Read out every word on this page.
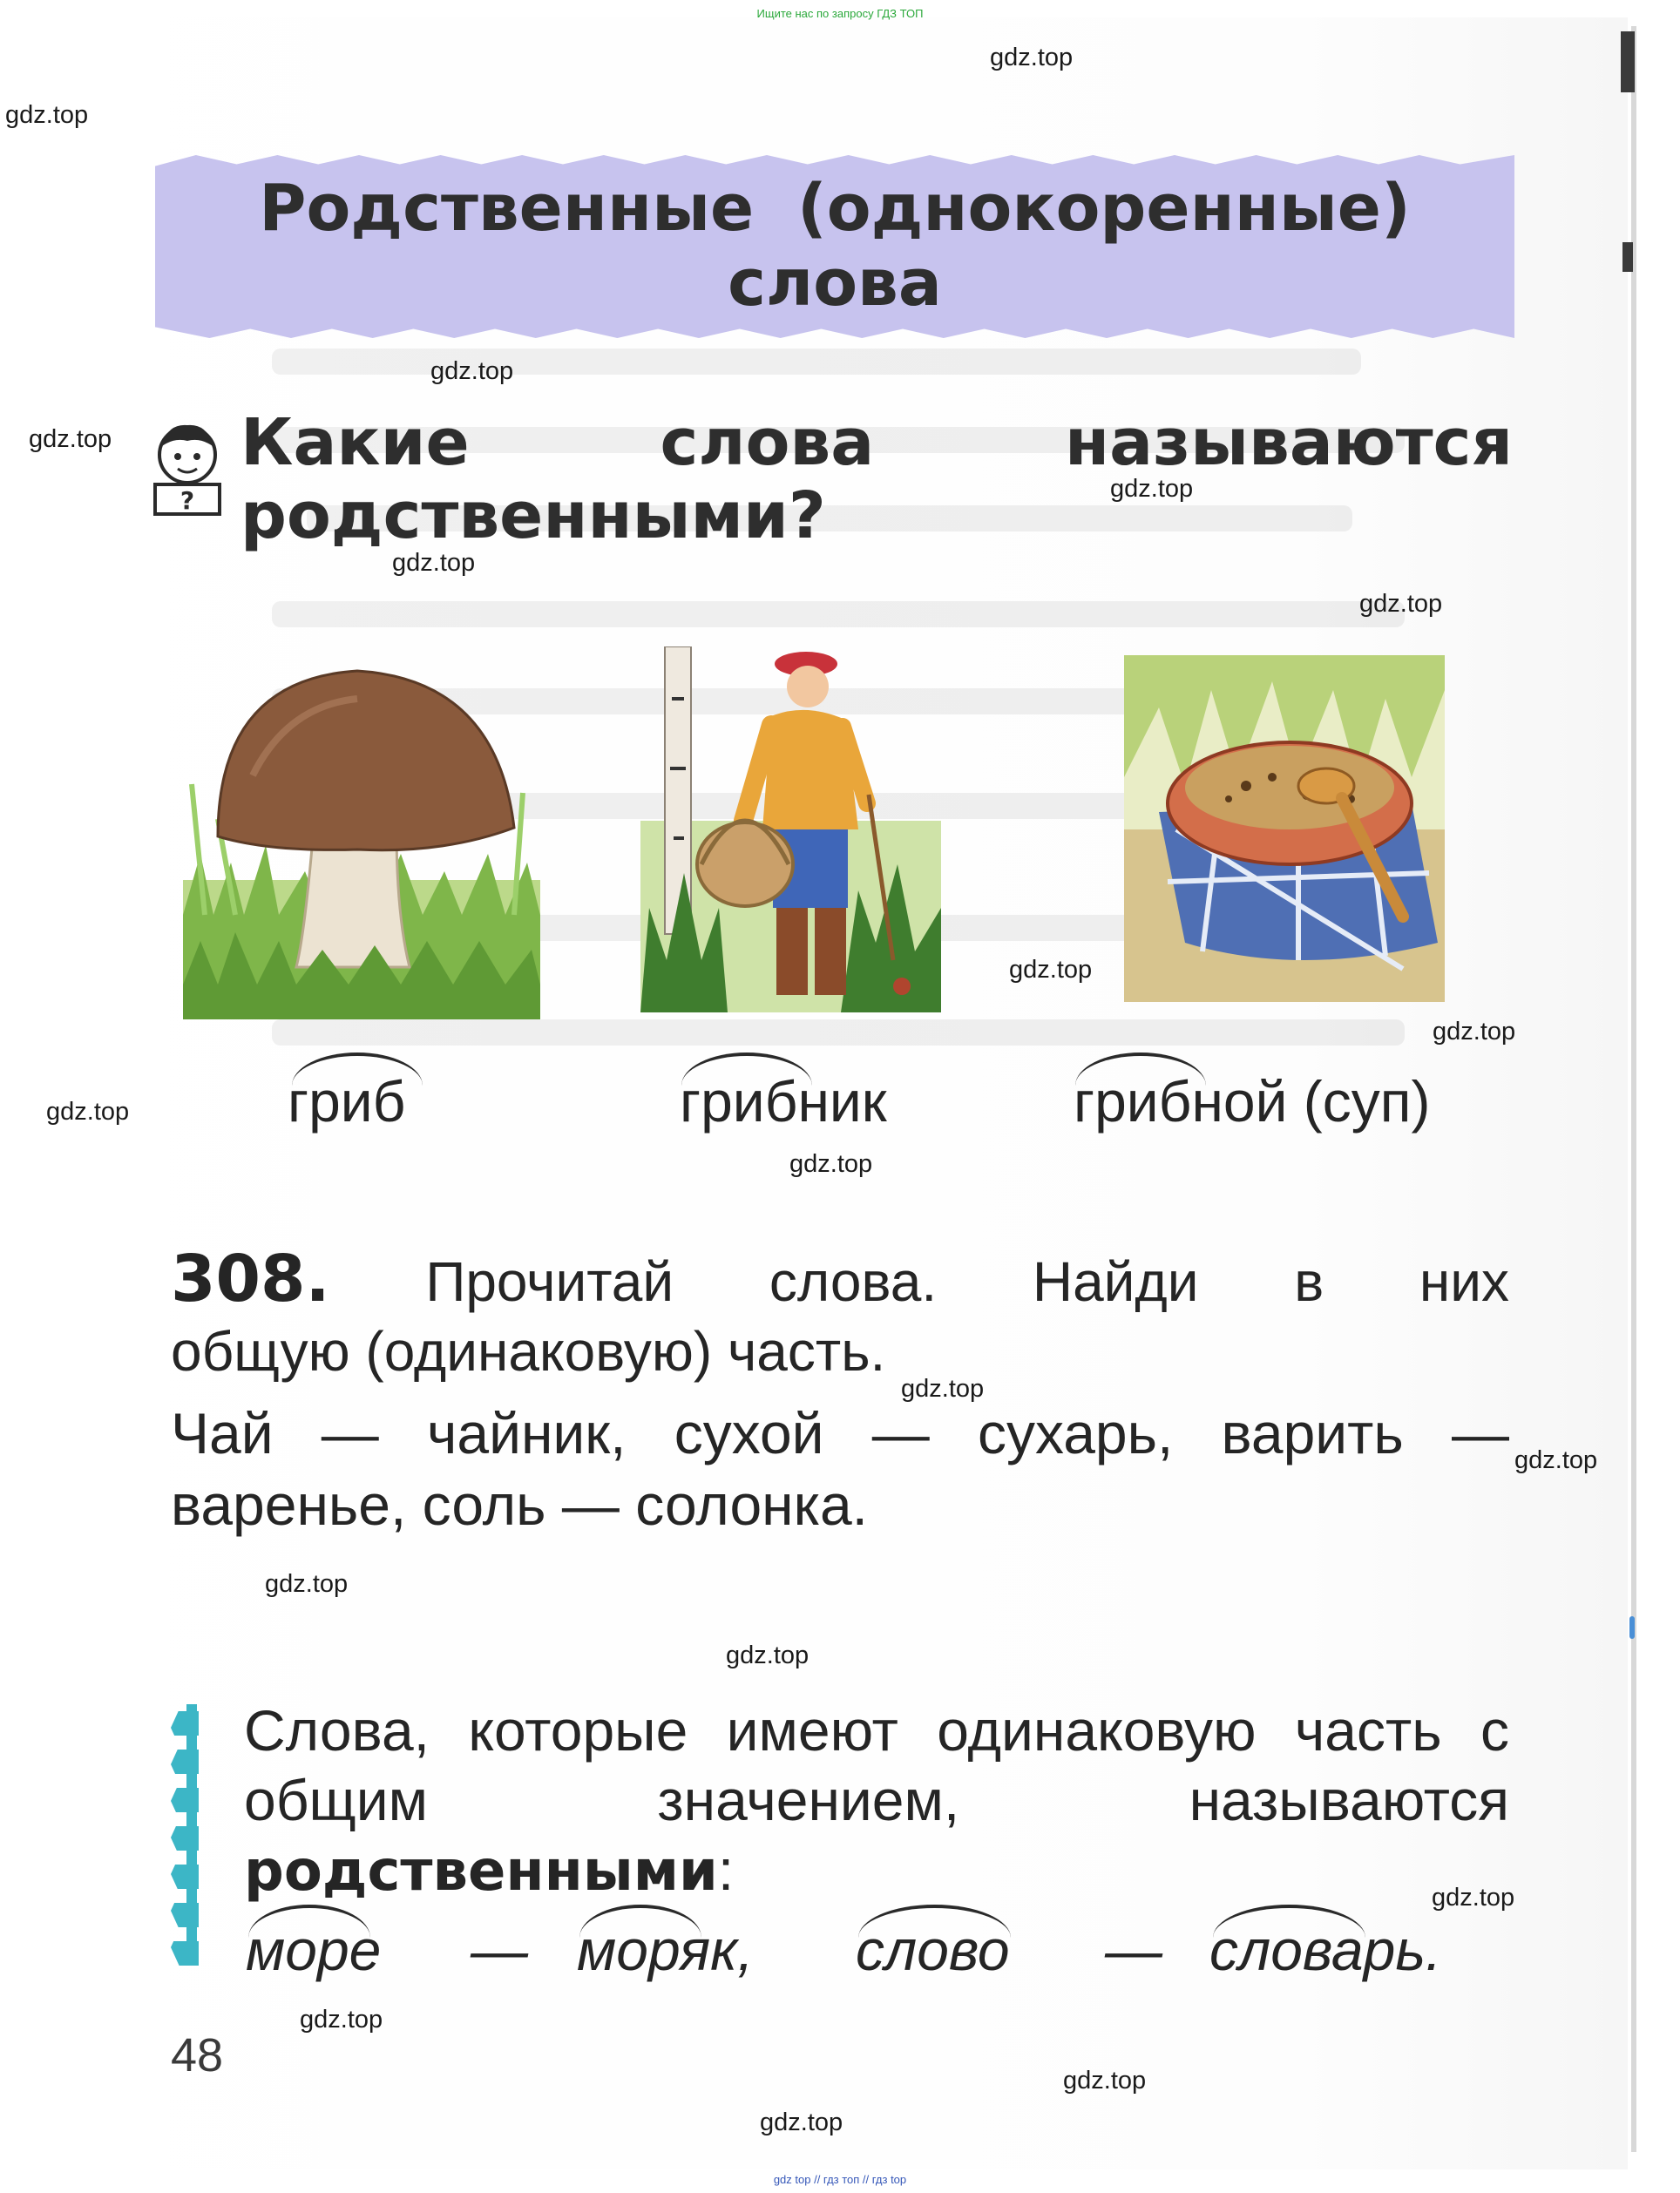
Ищите нас по запросу ГДЗ ТОП
gdz.top
gdz.top
gdz.top
gdz.top
gdz.top
gdz.top
gdz.top
gdz.top
gdz.top
gdz.top
gdz.top
gdz.top
gdz.top
gdz.top
gdz.top
gdz.top
gdz.top
gdz.top
gdz.top
Родственные (однокоренные)
слова
?
Какие слова называются родственными?
гриб	грибник	грибной (суп)
308. Прочитай слова. Найди в них
общую (одинаковую) часть.
Чай — чайник, сухой — сухарь, варить — варенье, соль — солонка.
Слова, которые имеют одинаковую часть с общим значением, называются родственными:
море — моряк, слово — словарь.
48
gdz top // гдз топ // гдз top
